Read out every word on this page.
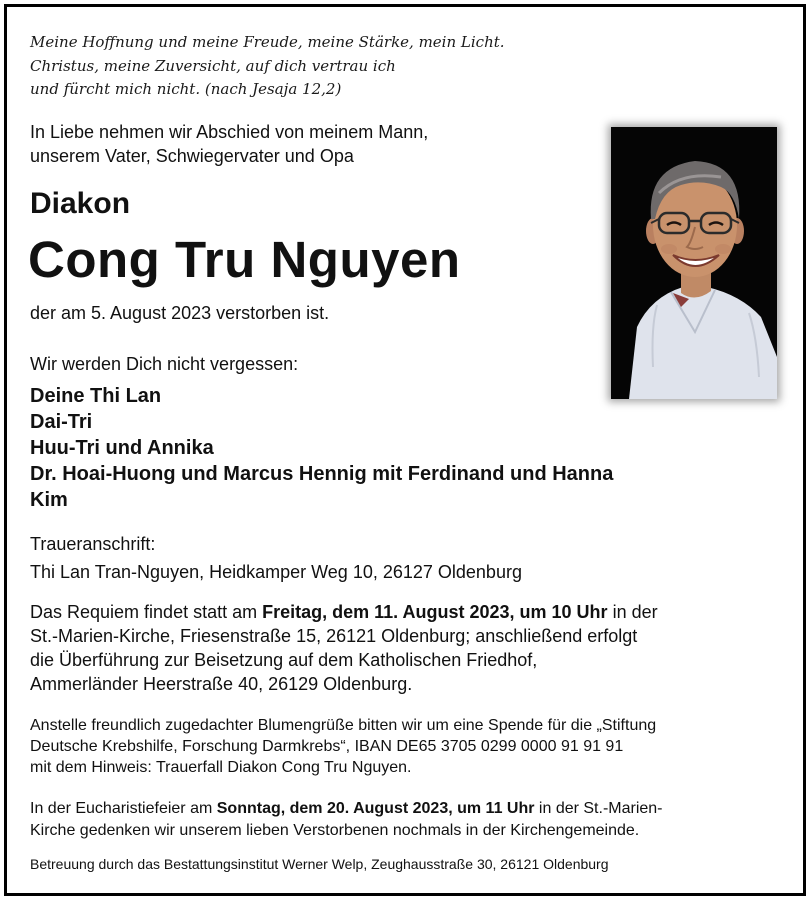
Meine Hoffnung und meine Freude, meine Stärke, mein Licht.
Christus, meine Zuversicht, auf dich vertrau ich
und fürcht mich nicht. (nach Jesaja 12,2)
In Liebe nehmen wir Abschied von meinem Mann,
unserem Vater, Schwiegervater und Opa
Diakon
Cong Tru Nguyen
der am 5. August 2023 verstorben ist.
Wir werden Dich nicht vergessen:
Deine Thi Lan
Dai-Tri
Huu-Tri und Annika
Dr. Hoai-Huong und Marcus Hennig mit Ferdinand und Hanna
Kim
Traueranschrift:
Thi Lan Tran-Nguyen, Heidkamper Weg 10, 26127 Oldenburg
Das Requiem findet statt am Freitag, dem 11. August 2023, um 10 Uhr in der
St.-Marien-Kirche, Friesenstraße 15, 26121 Oldenburg; anschließend erfolgt
die Überführung zur Beisetzung auf dem Katholischen Friedhof,
Ammerländer Heerstraße 40, 26129 Oldenburg.
Anstelle freundlich zugedachter Blumengrüße bitten wir um eine Spende für die „Stiftung
Deutsche Krebshilfe, Forschung Darmkrebs“, IBAN DE65 3705 0299 0000 91 91 91
mit dem Hinweis: Trauerfall Diakon Cong Tru Nguyen.
In der Eucharistiefeier am Sonntag, dem 20. August 2023, um 11 Uhr in der St.-Marien-
Kirche gedenken wir unserem lieben Verstorbenen nochmals in der Kirchengemeinde.
Betreuung durch das Bestattungsinstitut Werner Welp, Zeughausstraße 30, 26121 Oldenburg
